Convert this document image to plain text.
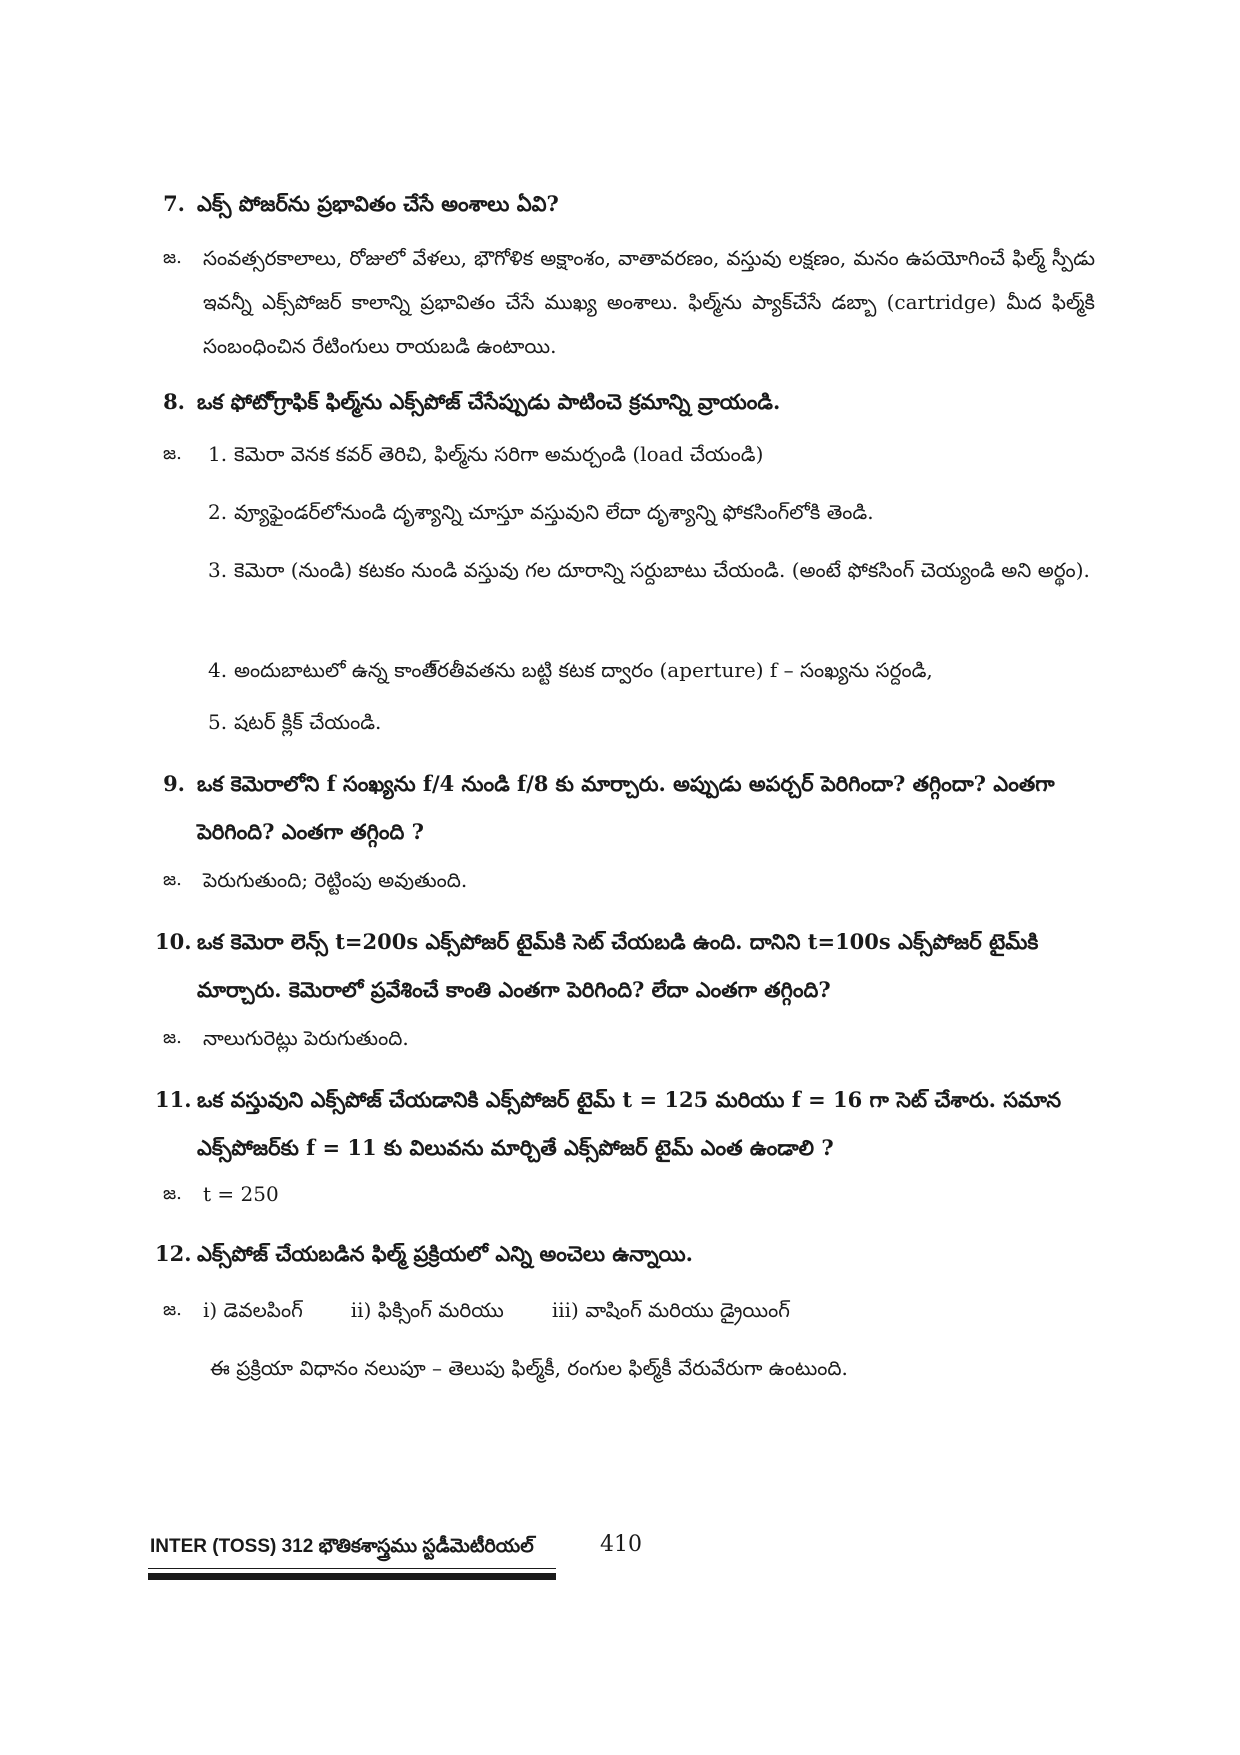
7. ఎక్స్ పోజర్‌ను ప్రభావితం చేసే అంశాలు ఏవి?
జ.	సంవత్సరకాలాలు, రోజులో వేళలు, భౌగోళిక అక్షాంశం, వాతావరణం, వస్తువు లక్షణం, మనం ఉపయోగించే ఫిల్మ్ స్పీడు ఇవన్నీ ఎక్స్‌పోజర్ కాలాన్ని ప్రభావితం చేసే ముఖ్య అంశాలు. ఫిల్మ్‌ను ప్యాక్‌చేసే డబ్బా (cartridge) మీద ఫిల్మ్‌కి సంబంధించిన రేటింగులు రాయబడి ఉంటాయి.
8. ఒక ఫోటో్గ్రాఫిక్ ఫిల్మ్‌ను ఎక్స్‌పోజ్ చేసేప్పుడు పాటించె క్రమాన్ని వ్రాయండి.
జ.	1. కెమెరా వెనక కవర్ తెరిచి, ఫిల్మ్‌ను సరిగా అమర్చండి (load చేయండి)
2. వ్యూఫైండర్‌లోనుండి దృశ్యాన్ని చూస్తూ వస్తువుని లేదా దృశ్యాన్ని ఫోకసింగ్‌లోకి తెండి.
3. కెమెరా (నుండి) కటకం నుండి వస్తువు గల దూరాన్ని సర్దుబాటు చేయండి. (అంటే ఫోకసింగ్ చెయ్యండి అని అర్థం).
4. అందుబాటులో ఉన్న కాంతి్రతీవతను బట్టి కటక ద్వారం (aperture) f – సంఖ్యను సర్దండి,
5. షటర్ క్లిక్ చేయండి.
9. ఒక కెమెరాలోని f సంఖ్యను f/4 నుండి f/8 కు మార్చారు. అప్పుడు అపర్చర్ పెరిగిందా? తగ్గిందా? ఎంతగా పెరిగింది? ఎంతగా తగ్గింది ?
జ.	పెరుగుతుంది; రెట్టింపు అవుతుంది.
10. ఒక కెమెరా లెన్స్ t=200s ఎక్స్‌పోజర్ టైమ్‌కి సెట్ చేయబడి ఉంది. దానిని t=100s ఎక్స్‌పోజర్ టైమ్‌కి మార్చారు. కెమెరాలో ప్రవేశించే కాంతి ఎంతగా పెరిగింది? లేదా ఎంతగా తగ్గింది?
జ.	నాలుగురెట్లు పెరుగుతుంది.
11. ఒక వస్తువుని ఎక్స్‌పోజ్ చేయడానికి ఎక్స్‌పోజర్ టైమ్ t = 125 మరియు f = 16 గా సెట్ చేశారు. సమాన ఎక్స్‌పోజర్‌కు f = 11 కు విలువను మార్చితే ఎక్స్‌పోజర్ టైమ్ ఎంత ఉండాలి ?
జ.	t = 250
12. ఎక్స్‌పోజ్ చేయబడిన ఫిల్మ్ ప్రక్రియలో ఎన్ని అంచెలు ఉన్నాయి.
జ.	i) డెవలపింగ్ ii) ఫిక్సింగ్ మరియు iii) వాషింగ్ మరియు డ్రైయింగ్
ఈ ప్రక్రియా విధానం నలుపూ – తెలుపు ఫిల్మ్‌కీ, రంగుల ఫిల్మ్‌కీ వేరువేరుగా ఉంటుంది.
INTER (TOSS) 312 భౌతికశాస్త్రము స్టడీమెటీరియల్	410
